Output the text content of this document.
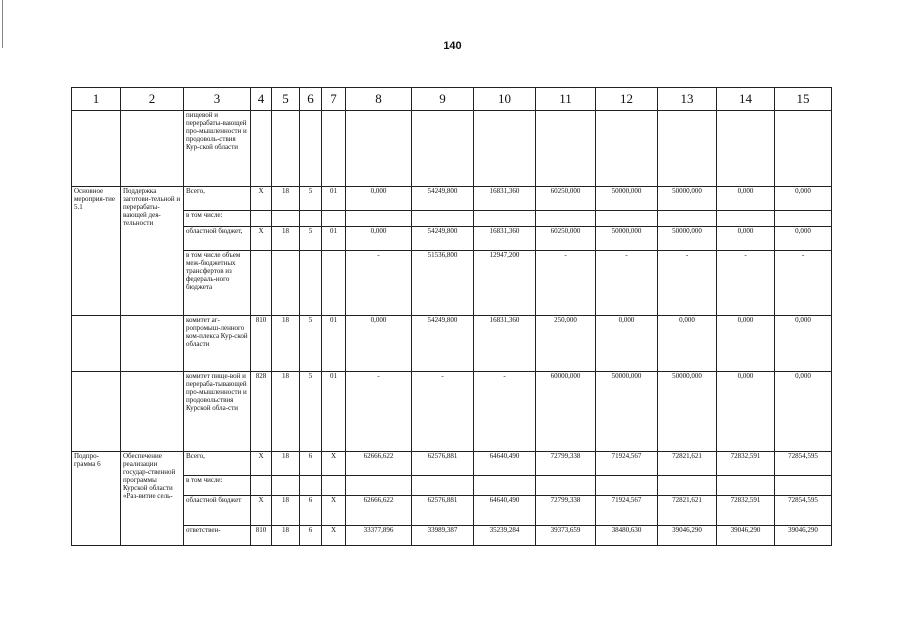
140
1	2	3	4	5	6	7	8	9	10	11	12	13	14	15
		пищевой и перерабаты-вающей про-мышленности и продоволь-ствия Кур-ской области												
Основное мероприя-тие 5.1	Поддержка заготови-тельной и перерабаты-вающей дея-тельности	Всего,	Х	18	5	01	0,000	54249,800	16831,360	60250,000	50000,000	50000,000	0,000	0,000
		в том числе:												
		областной бюджет,	Х	18	5	01	0,000	54249,800	16831,360	60250,000	50000,000	50000,000	0,000	0,000
		в том числе объем меж-бюджетных трансфертов из федераль-ного бюджета					-	51536,800	12947,200	-	-	-	-	-
		комитет аг-ропромыш-ленного ком-плекса Кур-ской области	810	18	5	01	0,000	54249,800	16831,360	250,000	0,000	0,000	0,000	0,000
		комитет пище-вой и перераба-тывающей про-мышленности и продовольствия Курской обла-сти	828	18	5	01	-	-	-	60000,000	50000,000	50000,000	0,000	0,000
Подпро-грамма 6	Обеспечение реализации государ-ственной программы Курской области «Раз-витие сель-	Всего,	Х	18	6	Х	62666,622	62576,881	64640,490	72799,338	71924,567	72821,621	72832,591	72854,595
		в том числе:												
		областной бюджет	Х	18	6	Х	62666,622	62576,881	64640,490	72799,338	71924,567	72821,621	72832,591	72854,595
		ответствен-	810	18	6	Х	33377,896	33989,387	35239,284	39373,659	38480,630	39046,290	39046,290	39046,290
